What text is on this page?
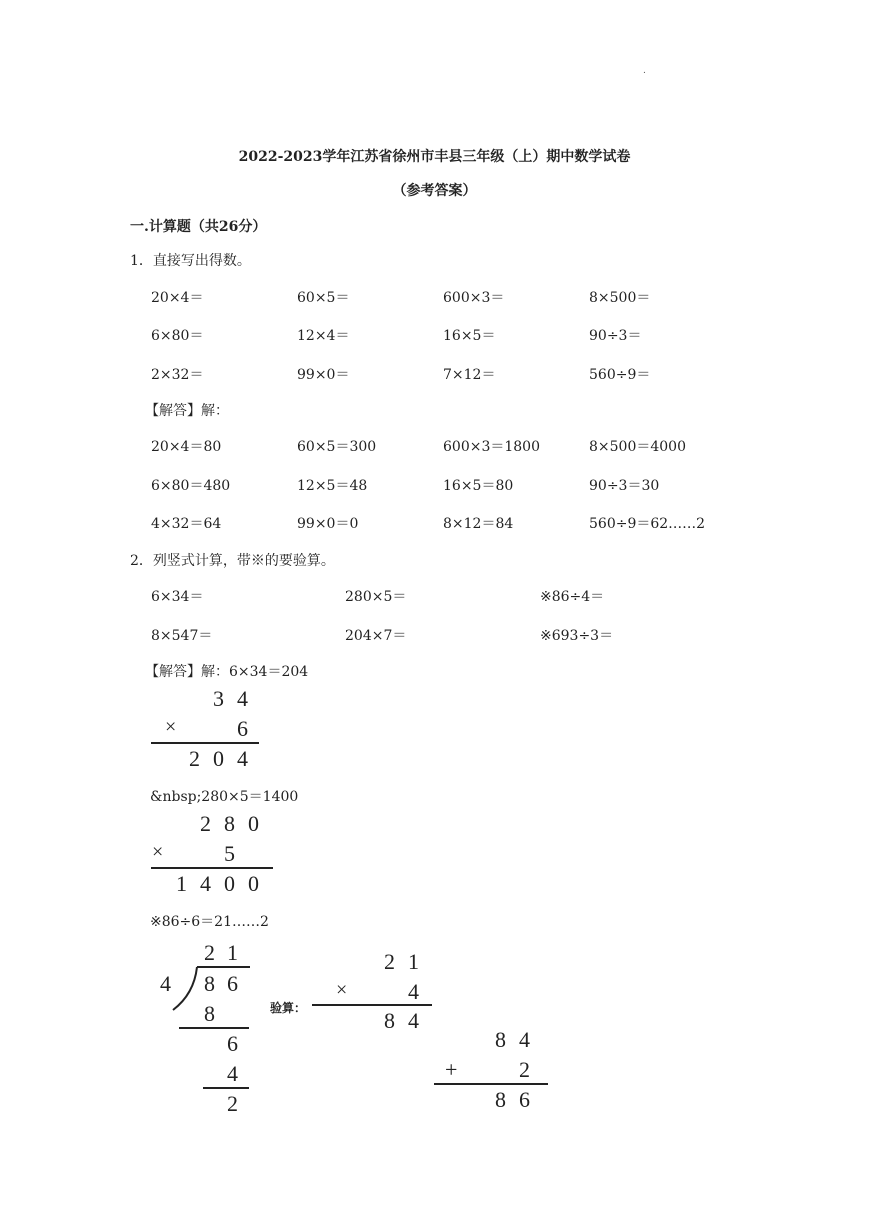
.
2022-2023学年江苏省徐州市丰县三年级（上）期中数学试卷
（参考答案）
一.计算题（共26分）
1．直接写出得数。
20×4＝	60×5＝	600×3＝	8×500＝
6×80＝	12×4＝	16×5＝	90÷3＝
2×32＝	99×0＝	7×12＝	560÷9＝
【解答】解：
20×4＝80	60×5＝300	600×3＝1800	8×500＝4000
6×80＝480	12×5＝48	16×5＝80	90÷3＝30
4×32＝64	99×0＝0	8×12＝84	560÷9＝62……2
2．列竖式计算，带※的要验算。
6×34＝	280×5＝	※86÷4＝
8×547＝	204×7＝	※693÷3＝
【解答】解：6×34＝204
3 4
×	6
2 0 4
&nbsp;280×5＝1400
2 8 0
×	5
1 4 0 0
※86÷6＝21……2
2 1
4 8 6
8
6
4
2
验算：
2 1
×	4
8 4
8 4
+	2
8 6
